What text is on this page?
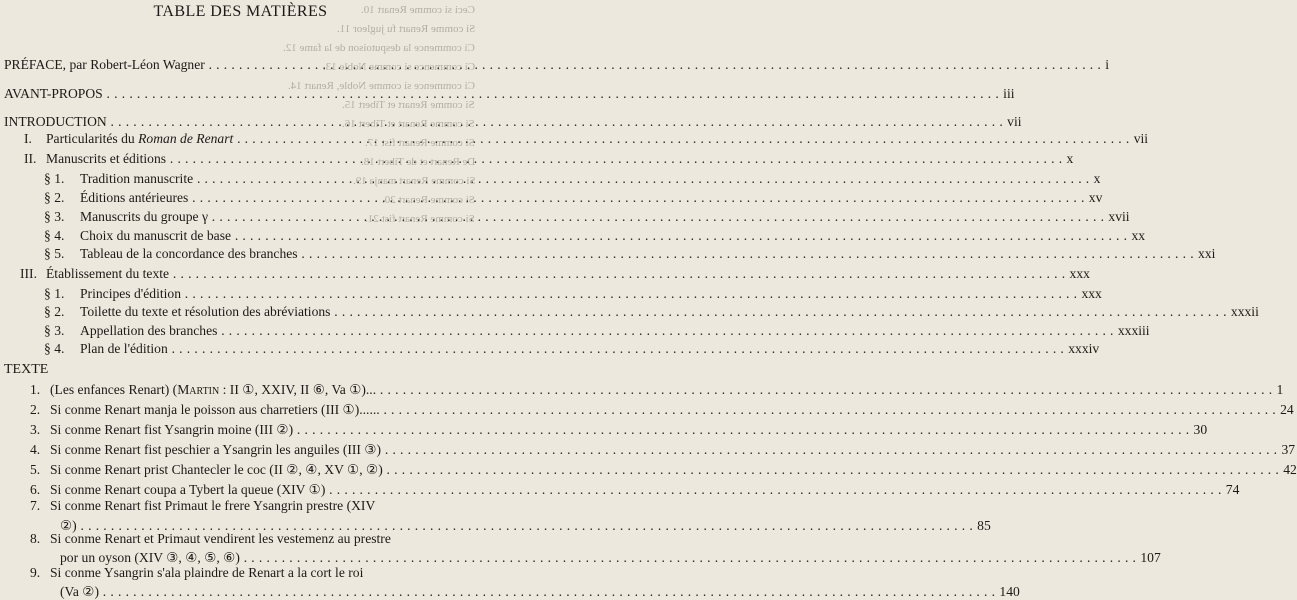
Ceci si comme Renart 10.
Si comme Renart fu jugleor 11.
Ci commence la desputoison de la fame 12.
Ci commence si comme Noble 13.
Ci commence si comme Noble, Renart 14.
Si comme Renart et Tibert 15.
Si comme Renart et Tibert 16.
Si comme Renart fist 17.
De Renart et de Tibert 18.
Si comme Renart manja 19.
Si comme Renart 20.
Si comme Renart fist 21.
TABLE DES MATIÈRES
PRÉFACE, par Robert-Léon Wagner . . .	i
AVANT-PROPOS . . .	iii
INTRODUCTION . . .	vii
I. Particularités du Roman de Renart . . .	vii
II. Manuscrits et éditions . . .	x
§ 1. Tradition manuscrite . . .	x
§ 2. Éditions antérieures . . .	xv
§ 3. Manuscrits du groupe γ . . .	xvii
§ 4. Choix du manuscrit de base . . .	xx
§ 5. Tableau de la concordance des branches . . .	xxi
III. Établissement du texte . . .	xxx
§ 1. Principes d'édition . . .	xxx
§ 2. Toilette du texte et résolution des abréviations . . .	xxxii
§ 3. Appellation des branches . . .	xxxiii
§ 4. Plan de l'édition . . .	xxxiv
TEXTE
1. (Les enfances Renart) (Martin : II ①, XXIV, II ⑥, Va ①)... . . .	1
2. Si conme Renart manja le poisson aus charretiers (III ①)...... . . .	24
3. Si conme Renart fist Ysangrin moine (III ②) . . .	30
4. Si conme Renart fist peschier a Ysangrin les anguiles (III ③) . . .	37
5. Si conme Renart prist Chantecler le coc (II ②, ④, XV ①, ②) . . .	42
6. Si conme Renart coupa a Tybert la queue (XIV ①) . . .	74
7. Si conme Renart fist Primaut le frere Ysangrin prestre (XIV
②) . . .	85
8. Si conme Renart et Primaut vendirent les vestemenz au prestre
por un oyson (XIV ③, ④, ⑤, ⑥) . . .	107
9. Si conme Ysangrin s'ala plaindre de Renart a la cort le roi
(Va ②) . . .	140
